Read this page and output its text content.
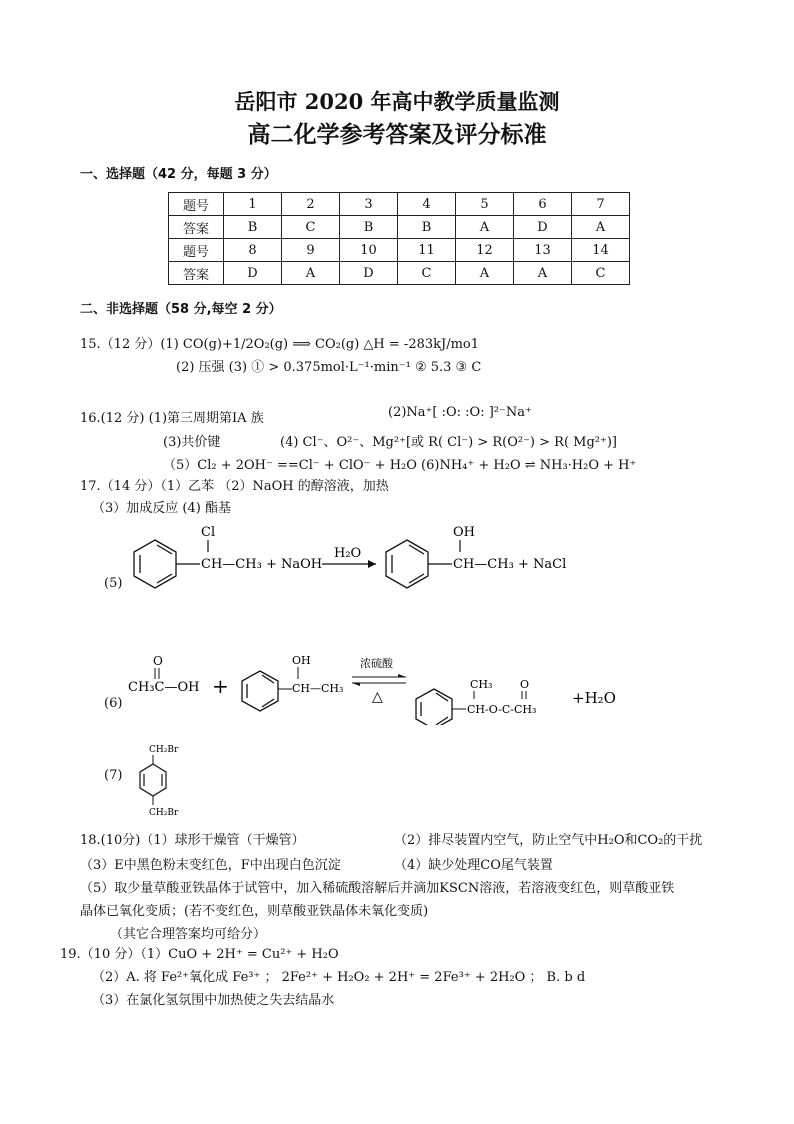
岳阳市 2020 年高中教学质量监测
高二化学参考答案及评分标准
一、选择题（42 分，每题 3 分）
题号	1	2	3	4	5	6	7
答案	B	C	B	B	A	D	A
题号	8	9	10	11	12	13	14
答案	D	A	D	C	A	A	C
二、非选择题（58 分,每空 2 分）
15.（12 分）(1) CO(g)+1/2O₂(g) ⟹ CO₂(g) △H = -283kJ/mo1
(2) 压强 (3) ① > 0.375mol·L⁻¹·min⁻¹ ② 5.3 ③ C
16.(12 分) (1)第三周期第ⅠA 族	(2)Na⁺[ :O: :O: ]²⁻Na⁺
(3)共价键	(4) Cl⁻、O²⁻、Mg²⁺[或 R( Cl⁻) > R(O²⁻) > R( Mg²⁺)]
（5）Cl₂ + 2OH⁻ ==Cl⁻ + ClO⁻ + H₂O (6)NH₄⁺ + H₂O ⇌ NH₃·H₂O + H⁺
17.（14 分）（1）乙苯 （2）NaOH 的醇溶液，加热
（3）加成反应 (4) 酯基
(5)
Cl
CH—CH₃ + NaOH
H₂O
OH
CH—CH₃ + NaCl
(6)
O
CH₃C—OH +
OH
CH—CH₃
浓硫酸
△
CH₃	O
CH-O-C-CH₃
+H₂O
(7)
CH₂Br
CH₂Br
18.(10分)（1）球形干燥管（干燥管）	（2）排尽装置内空气，防止空气中H₂O和CO₂的干扰
（3）E中黑色粉末变红色，F中出现白色沉淀	（4）缺少处理CO尾气装置
（5）取少量草酸亚铁晶体于试管中，加入稀硫酸溶解后并滴加KSCN溶液，若溶液变红色，则草酸亚铁
晶体已氧化变质；(若不变红色，则草酸亚铁晶体未氧化变质)
（其它合理答案均可给分）
19.（10 分）（1）CuO + 2H⁺ = Cu²⁺ + H₂O
（2）A. 将 Fe²⁺氧化成 Fe³⁺ ； 2Fe²⁺ + H₂O₂ + 2H⁺ = 2Fe³⁺ + 2H₂O ； B. b d
（3）在氯化氢氛围中加热使之失去结晶水
